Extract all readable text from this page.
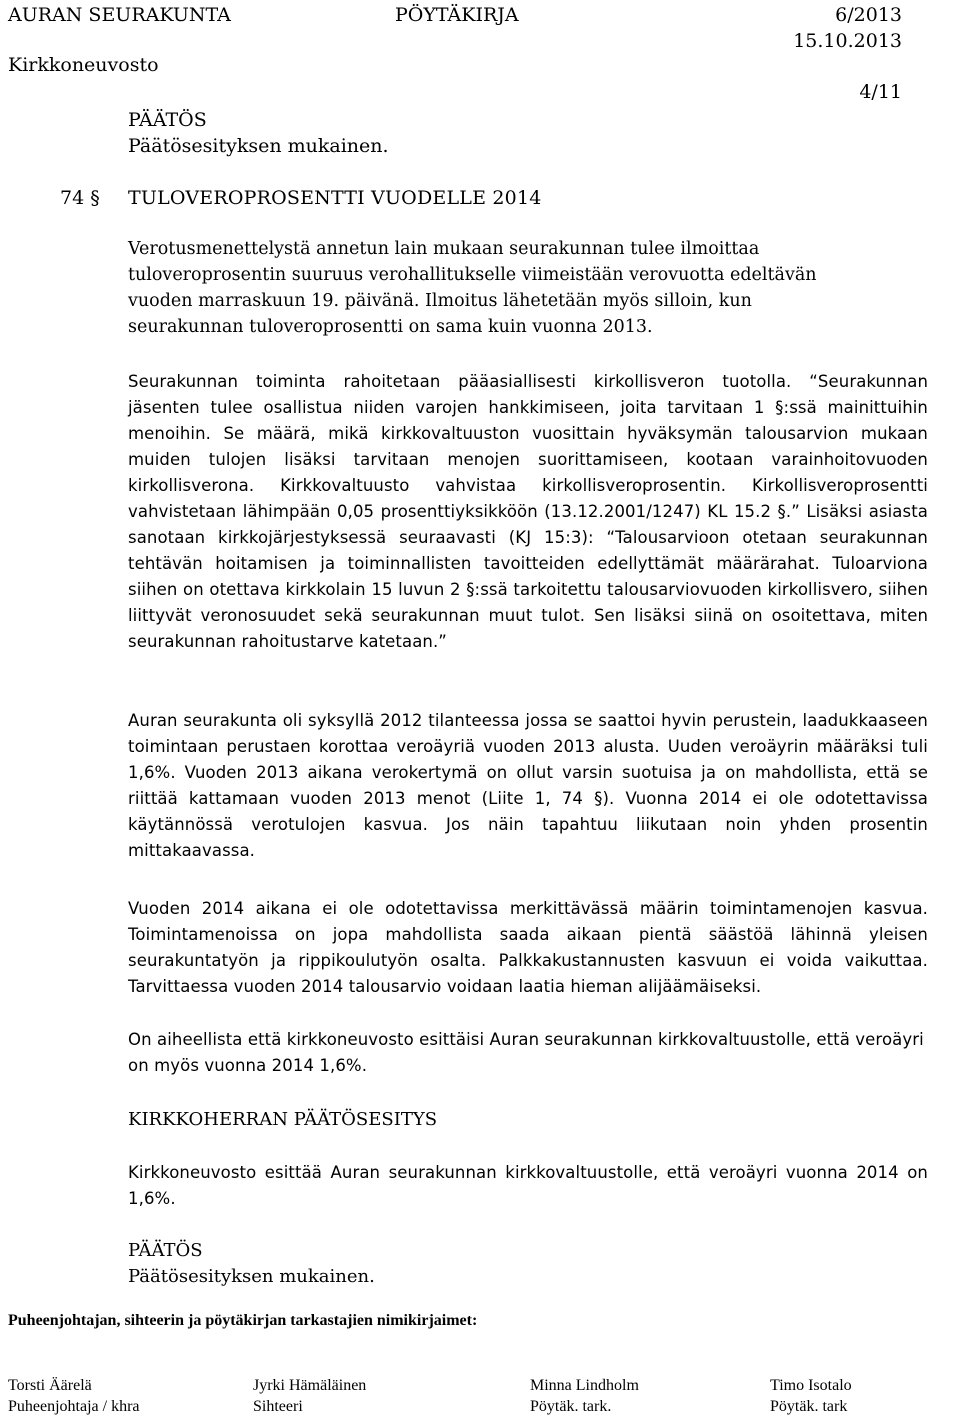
AURAN SEURAKUNTA	PÖYTÄKIRJA	6/2013
15.10.2013
Kirkkoneuvosto
4/11
PÄÄTÖS
Päätösesityksen mukainen.
74 § TULOVEROPROSENTTI VUODELLE 2014
Verotusmenettelystä annetun lain mukaan seurakunnan tulee ilmoittaa tuloveroprosentin suuruus verohallitukselle viimeistään verovuotta edeltävän vuoden marraskuun 19. päivänä. Ilmoitus lähetetään myös silloin, kun seurakunnan tuloveroprosentti on sama kuin vuonna 2013.
Seurakunnan toiminta rahoitetaan pääasiallisesti kirkollisveron tuotolla. “Seurakunnan jäsenten tulee osallistua niiden varojen hankkimiseen, joita tarvitaan 1 §:ssä mainittuihin menoihin. Se määrä, mikä kirkkovaltuuston vuosittain hyväksymän talousarvion mukaan muiden tulojen lisäksi tarvitaan menojen suorittamiseen, kootaan varainhoitovuoden kirkollisverona. Kirkkovaltuusto vahvistaa kirkollisveroprosentin. Kirkollisveroprosentti vahvistetaan lähimpään 0,05 prosenttiyksikköön (13.12.2001/1247) KL 15.2 §.” Lisäksi asiasta sanotaan kirkkojärjestyksessä seuraavasti (KJ 15:3): “Talousarvioon otetaan seurakunnan tehtävän hoitamisen ja toiminnallisten tavoitteiden edellyttämät määrärahat. Tuloarviona siihen on otettava kirkkolain 15 luvun 2 §:ssä tarkoitettu talousarviovuoden kirkollisvero, siihen liittyvät veronosuudet sekä seurakunnan muut tulot. Sen lisäksi siinä on osoitettava, miten seurakunnan rahoitustarve katetaan.”
Auran seurakunta oli syksyllä 2012 tilanteessa jossa se saattoi hyvin perustein, laadukkaaseen toimintaan perustaen korottaa veroäyriä vuoden 2013 alusta. Uuden veroäyrin määräksi tuli 1,6%. Vuoden 2013 aikana verokertymä on ollut varsin suotuisa ja on mahdollista, että se riittää kattamaan vuoden 2013 menot (Liite 1, 74 §). Vuonna 2014 ei ole odotettavissa käytännössä verotulojen kasvua. Jos näin tapahtuu liikutaan noin yhden prosentin mittakaavassa.
Vuoden 2014 aikana ei ole odotettavissa merkittävässä määrin toimintamenojen kasvua. Toimintamenoissa on jopa mahdollista saada aikaan pientä säästöä lähinnä yleisen seurakuntatyön ja rippikoulutyön osalta. Palkkakustannusten kasvuun ei voida vaikuttaa. Tarvittaessa vuoden 2014 talousarvio voidaan laatia hieman alijäämäiseksi.
On aiheellista että kirkkoneuvosto esittäisi Auran seurakunnan kirkkovaltuustolle, että veroäyri on myös vuonna 2014 1,6%.
KIRKKOHERRAN PÄÄTÖSESITYS
Kirkkoneuvosto esittää Auran seurakunnan kirkkovaltuustolle, että veroäyri vuonna 2014 on 1,6%.
PÄÄTÖS
Päätösesityksen mukainen.
Puheenjohtajan, sihteerin ja pöytäkirjan tarkastajien nimikirjaimet:
Torsti Äärelä
Puheenjohtaja / khra
Jyrki Hämäläinen
Sihteeri
Minna Lindholm
Pöytäk. tark.
Timo Isotalo
Pöytäk. tark
